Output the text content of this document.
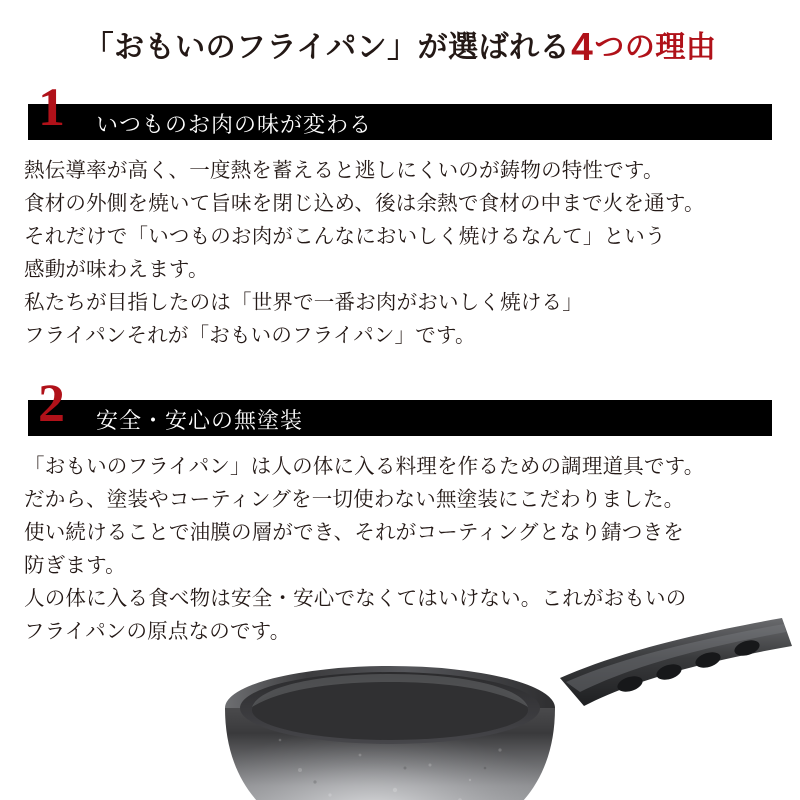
「おもいのフライパン」が選ばれる4つの理由
1 いつものお肉の味が変わる

熱伝導率が高く、一度熱を蓄えると逃しにくいのが鋳物の特性です。

食材の外側を焼いて旨味を閉じ込め、後は余熱で食材の中まで火を通す。

それだけで「いつものお肉がこんなにおいしく焼けるなんて」という

感動が味わえます。

私たちが目指したのは「世界で一番お肉がおいしく焼ける」

フライパンそれが「おもいのフライパン」です。

2 安全・安心の無塗装

「おもいのフライパン」は人の体に入る料理を作るための調理道具です。

だから、塗装やコーティングを一切使わない無塗装にこだわりました。

使い続けることで油膜の層ができ、それがコーティングとなり錆つきを

防ぎます。

人の体に入る食べ物は安全・安心でなくてはいけない。これがおもいの

フライパンの原点なのです。
